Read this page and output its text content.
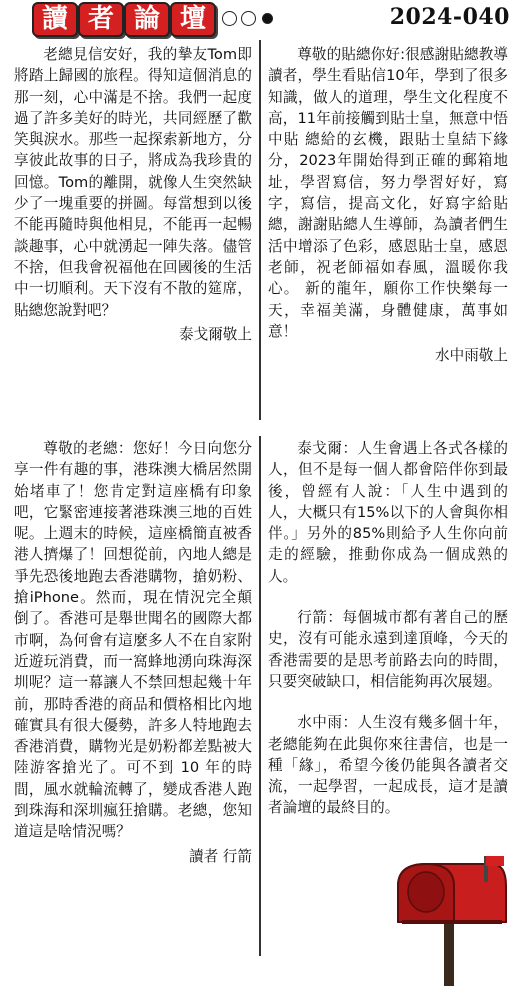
讀 者 論 壇	2024-040

老總見信安好，我的摯友Tom即將踏上歸國的旅程。得知這個消息的那一刻，心中滿是不捨。我們一起度過了許多美好的時光，共同經歷了歡笑與淚水。那些一起探索新地方，分享彼此故事的日子，將成為我珍貴的回憶。Tom的離開，就像人生突然缺少了一塊重要的拼圖。每當想到以後不能再隨時與他相見，不能再一起暢談趣事，心中就湧起一陣失落。儘管不捨，但我會祝福他在回國後的生活中一切順利。天下沒有不散的筵席，貼總您說對吧？

泰戈爾敬上

尊敬的貼總你好:很感謝貼總教導讀者，學生看貼信10年，學到了很多知識，做人的道理，學生文化程度不高，11年前接觸到貼士皇，無意中悟中貼 總給的玄機，跟貼士皇結下緣分，2023年開始得到正確的郵箱地址，學習寫信，努力學習好好，寫字，寫信，提高文化，好寫字給貼總，謝謝貼總人生導師，為讀者們生活中增添了色彩，感恩貼士皇，感恩老師，祝老師福如春風，溫暖你我心。 新的龍年，願你工作快樂每一天，幸福美滿，身體健康，萬事如意！

水中雨敬上

尊敬的老總：您好！今日向您分享一件有趣的事，港珠澳大橋居然開始堵車了！您肯定對這座橋有印象吧，它緊密連接著港珠澳三地的百姓呢。上週末的時候，這座橋簡直被香港人擠爆了！回想從前，內地人總是爭先恐後地跑去香港購物，搶奶粉、搶iPhone。然而，現在情況完全顛倒了。香港可是舉世聞名的國際大都市啊，為何會有這麼多人不在自家附近遊玩消費，而一窩蜂地湧向珠海深圳呢？這一幕讓人不禁回想起幾十年前，那時香港的商品和價格相比內地確實具有很大優勢，許多人特地跑去香港消費，購物光是奶粉都差點被大陸游客搶光了。可不到 10 年的時間，風水就輪流轉了，變成香港人跑到珠海和深圳瘋狂搶購。老總，您知道這是啥情況嗎？

讀者 行箭

泰戈爾：人生會遇上各式各樣的人，但不是每一個人都會陪伴你到最後，曾經有人說：「人生中遇到的人，大概只有15%以下的人會與你相伴。」另外的85%則給予人生你向前走的經驗，推動你成為一個成熟的人。

行箭：每個城市都有著自己的歷史，沒有可能永遠到達頂峰，今天的香港需要的是思考前路去向的時間，只要突破缺口，相信能夠再次展翅。

水中雨：人生沒有幾多個十年，老總能夠在此與你來往書信，也是一種「緣」，希望今後仍能與各讀者交流，一起學習，一起成長，這才是讀者論壇的最終目的。
